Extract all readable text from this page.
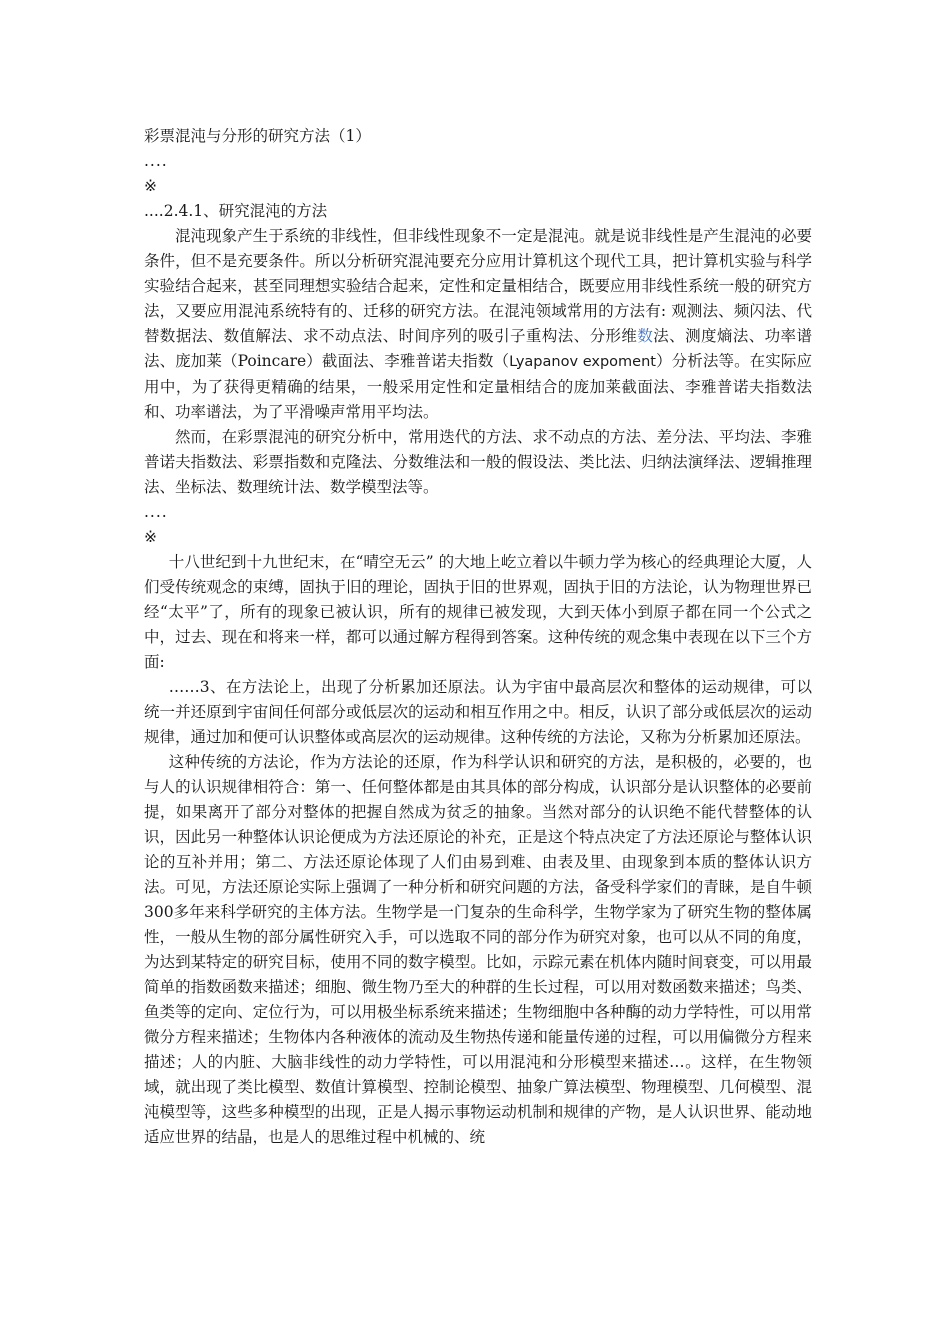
彩票混沌与分形的研究方法（1）

....

※

....2.4.1、研究混沌的方法

混沌现象产生于系统的非线性，但非线性现象不一定是混沌。就是说非线性是产生混沌的必要条件，但不是充要条件。所以分析研究混沌要充分应用计算机这个现代工具，把计算机实验与科学实验结合起来，甚至同理想实验结合起来，定性和定量相结合，既要应用非线性系统一般的研究方法，又要应用混沌系统特有的、迁移的研究方法。在混沌领域常用的方法有: 观测法、频闪法、代替数据法、数值解法、求不动点法、时间序列的吸引子重构法、分形维数法、测度熵法、功率谱法、庞加莱（Poincare）截面法、李雅普诺夫指数（Lyapanov expoment）分析法等。在实际应用中，为了获得更精确的结果，一般采用定性和定量相结合的庞加莱截面法、李雅普诺夫指数法和、功率谱法，为了平滑噪声常用平均法。

然而，在彩票混沌的研究分析中，常用迭代的方法、求不动点的方法、差分法、平均法、李雅普诺夫指数法、彩票指数和克隆法、分数维法和一般的假设法、类比法、归纳法演绎法、逻辑推理法、坐标法、数理统计法、数学模型法等。

....

※

十八世纪到十九世纪末，在“晴空无云” 的大地上屹立着以牛顿力学为核心的经典理论大厦，人们受传统观念的束缚，固执于旧的理论，固执于旧的世界观，固执于旧的方法论，认为物理世界已经“太平”了，所有的现象已被认识，所有的规律已被发现，大到天体小到原子都在同一个公式之中，过去、现在和将来一样，都可以通过解方程得到答案。这种传统的观念集中表现在以下三个方面:

……3、在方法论上，出现了分析累加还原法。认为宇宙中最高层次和整体的运动规律，可以统一并还原到宇宙间任何部分或低层次的运动和相互作用之中。相反，认识了部分或低层次的运动规律，通过加和便可认识整体或高层次的运动规律。这种传统的方法论，又称为分析累加还原法。

这种传统的方法论，作为方法论的还原，作为科学认识和研究的方法，是积极的，必要的，也与人的认识规律相符合：第一、任何整体都是由其具体的部分构成，认识部分是认识整体的必要前提，如果离开了部分对整体的把握自然成为贫乏的抽象。当然对部分的认识绝不能代替整体的认识，因此另一种整体认识论便成为方法还原论的补充，正是这个特点决定了方法还原论与整体认识论的互补并用；第二、方法还原论体现了人们由易到难、由表及里、由现象到本质的整体认识方法。可见，方法还原论实际上强调了一种分析和研究问题的方法，备受科学家们的青睐，是自牛顿300多年来科学研究的主体方法。生物学是一门复杂的生命科学，生物学家为了研究生物的整体属性，一般从生物的部分属性研究入手，可以选取不同的部分作为研究对象，也可以从不同的角度，为达到某特定的研究目标，使用不同的数字模型。比如，示踪元素在机体内随时间衰变，可以用最简单的指数函数来描述；细胞、微生物乃至大的种群的生长过程，可以用对数函数来描述；鸟类、鱼类等的定向、定位行为，可以用极坐标系统来描述；生物细胞中各种酶的动力学特性，可以用常微分方程来描述；生物体内各种液体的流动及生物热传递和能量传递的过程，可以用偏微分方程来描述；人的内脏、大脑非线性的动力学特性，可以用混沌和分形模型来描述…。这样，在生物领域，就出现了类比模型、数值计算模型、控制论模型、抽象广算法模型、物理模型、几何模型、混沌模型等，这些多种模型的出现，正是人揭示事物运动机制和规律的产物，是人认识世界、能动地适应世界的结晶，也是人的思维过程中机械的、统
